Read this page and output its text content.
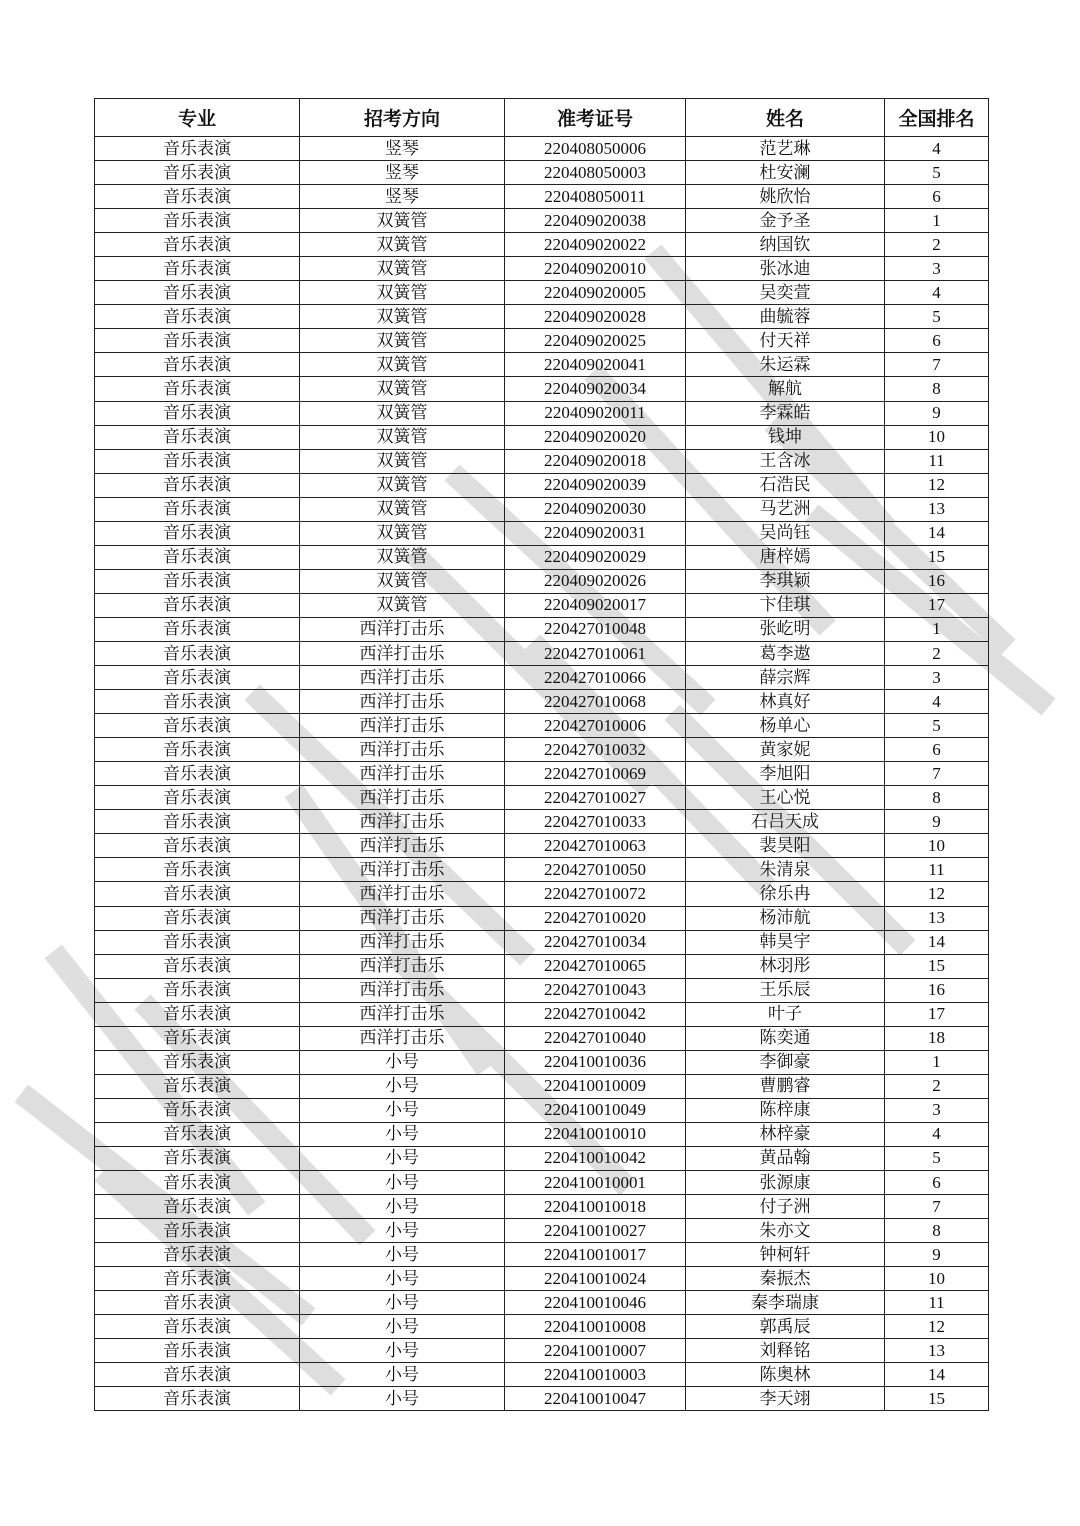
专业	招考方向	准考证号	姓名	全国排名
音乐表演	竖琴	220408050006	范艺琳	4
音乐表演	竖琴	220408050003	杜安澜	5
音乐表演	竖琴	220408050011	姚欣怡	6
音乐表演	双簧管	220409020038	金予圣	1
音乐表演	双簧管	220409020022	纳国钦	2
音乐表演	双簧管	220409020010	张冰迪	3
音乐表演	双簧管	220409020005	吴奕萱	4
音乐表演	双簧管	220409020028	曲毓蓉	5
音乐表演	双簧管	220409020025	付天祥	6
音乐表演	双簧管	220409020041	朱运霖	7
音乐表演	双簧管	220409020034	解航	8
音乐表演	双簧管	220409020011	李霖皓	9
音乐表演	双簧管	220409020020	钱坤	10
音乐表演	双簧管	220409020018	王含冰	11
音乐表演	双簧管	220409020039	石浩民	12
音乐表演	双簧管	220409020030	马艺洲	13
音乐表演	双簧管	220409020031	吴尚钰	14
音乐表演	双簧管	220409020029	唐梓嫣	15
音乐表演	双簧管	220409020026	李琪颖	16
音乐表演	双簧管	220409020017	卞佳琪	17
音乐表演	西洋打击乐	220427010048	张屹明	1
音乐表演	西洋打击乐	220427010061	葛李遨	2
音乐表演	西洋打击乐	220427010066	薛宗辉	3
音乐表演	西洋打击乐	220427010068	林真好	4
音乐表演	西洋打击乐	220427010006	杨单心	5
音乐表演	西洋打击乐	220427010032	黄家妮	6
音乐表演	西洋打击乐	220427010069	李旭阳	7
音乐表演	西洋打击乐	220427010027	王心悦	8
音乐表演	西洋打击乐	220427010033	石吕天成	9
音乐表演	西洋打击乐	220427010063	裴昊阳	10
音乐表演	西洋打击乐	220427010050	朱清泉	11
音乐表演	西洋打击乐	220427010072	徐乐冉	12
音乐表演	西洋打击乐	220427010020	杨沛航	13
音乐表演	西洋打击乐	220427010034	韩昊宇	14
音乐表演	西洋打击乐	220427010065	林羽彤	15
音乐表演	西洋打击乐	220427010043	王乐辰	16
音乐表演	西洋打击乐	220427010042	叶子	17
音乐表演	西洋打击乐	220427010040	陈奕通	18
音乐表演	小号	220410010036	李御豪	1
音乐表演	小号	220410010009	曹鹏睿	2
音乐表演	小号	220410010049	陈梓康	3
音乐表演	小号	220410010010	林梓豪	4
音乐表演	小号	220410010042	黄品翰	5
音乐表演	小号	220410010001	张源康	6
音乐表演	小号	220410010018	付子洲	7
音乐表演	小号	220410010027	朱亦文	8
音乐表演	小号	220410010017	钟柯轩	9
音乐表演	小号	220410010024	秦振杰	10
音乐表演	小号	220410010046	秦李瑞康	11
音乐表演	小号	220410010008	郭禹辰	12
音乐表演	小号	220410010007	刘释铭	13
音乐表演	小号	220410010003	陈奥林	14
音乐表演	小号	220410010047	李天翊	15
